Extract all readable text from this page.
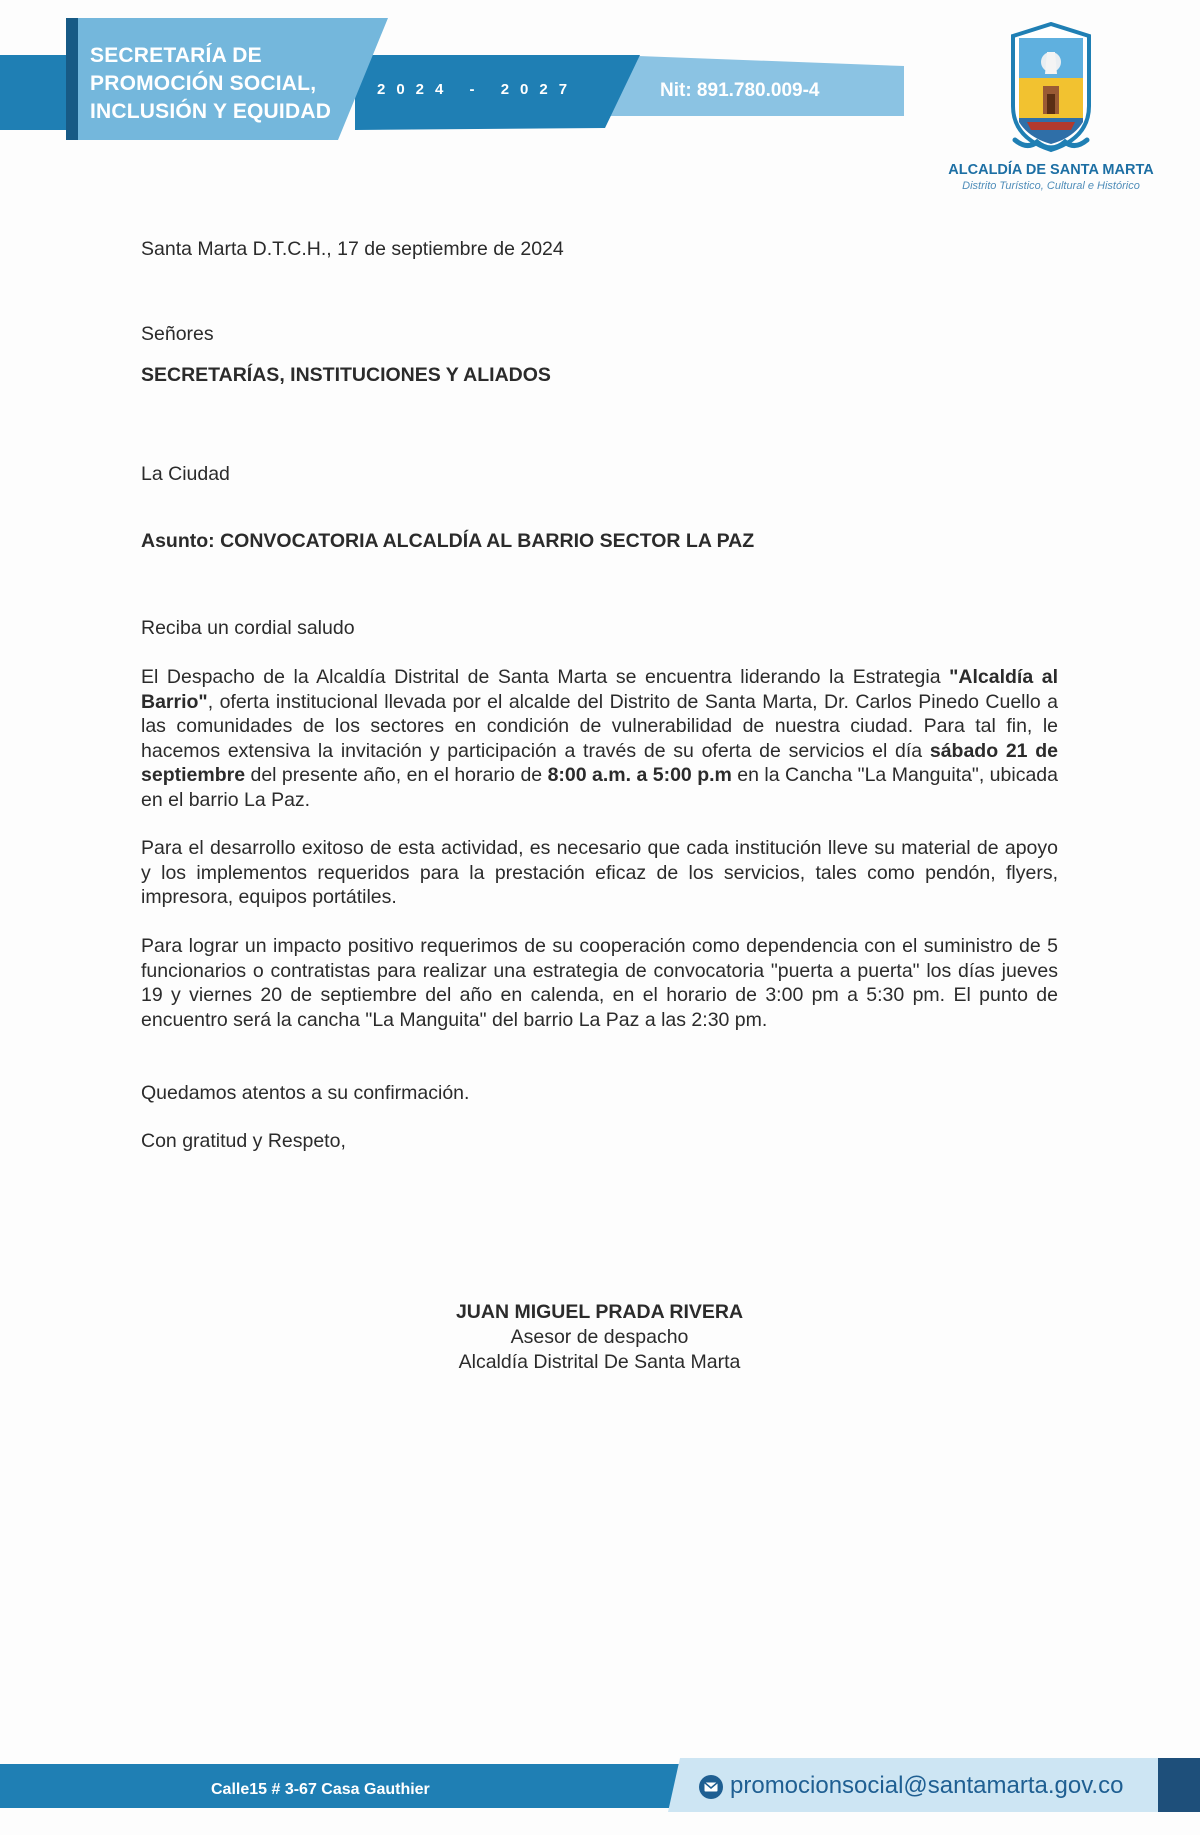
SECRETARÍA DE
PROMOCIÓN SOCIAL,
INCLUSIÓN Y EQUIDAD
2024 - 2027	Nit: 891.780.009-4
ALCALDÍA DE SANTA MARTA
Distrito Turístico, Cultural e Histórico
Santa Marta D.T.C.H., 17 de septiembre de 2024
Señores
SECRETARÍAS, INSTITUCIONES Y ALIADOS
La Ciudad
Asunto: CONVOCATORIA ALCALDÍA AL BARRIO SECTOR LA PAZ
Reciba un cordial saludo
El Despacho de la Alcaldía Distrital de Santa Marta se encuentra liderando la Estrategia "Alcaldía al Barrio", oferta institucional llevada por el alcalde del Distrito de Santa Marta, Dr. Carlos Pinedo Cuello a las comunidades de los sectores en condición de vulnerabilidad de nuestra ciudad. Para tal fin, le hacemos extensiva la invitación y participación a través de su oferta de servicios el día sábado 21 de septiembre del presente año, en el horario de 8:00 a.m. a 5:00 p.m en la Cancha "La Manguita", ubicada en el barrio La Paz.
Para el desarrollo exitoso de esta actividad, es necesario que cada institución lleve su material de apoyo y los implementos requeridos para la prestación eficaz de los servicios, tales como pendón, flyers, impresora, equipos portátiles.
Para lograr un impacto positivo requerimos de su cooperación como dependencia con el suministro de 5 funcionarios o contratistas para realizar una estrategia de convocatoria "puerta a puerta" los días jueves 19 y viernes 20 de septiembre del año en calenda, en el horario de 3:00 pm a 5:30 pm. El punto de encuentro será la cancha "La Manguita" del barrio La Paz a las 2:30 pm.
Quedamos atentos a su confirmación.
Con gratitud y Respeto,
JUAN MIGUEL PRADA RIVERA
Asesor de despacho
Alcaldía Distrital De Santa Marta
Calle15 # 3-67 Casa Gauthier	promocionsocial@santamarta.gov.co
